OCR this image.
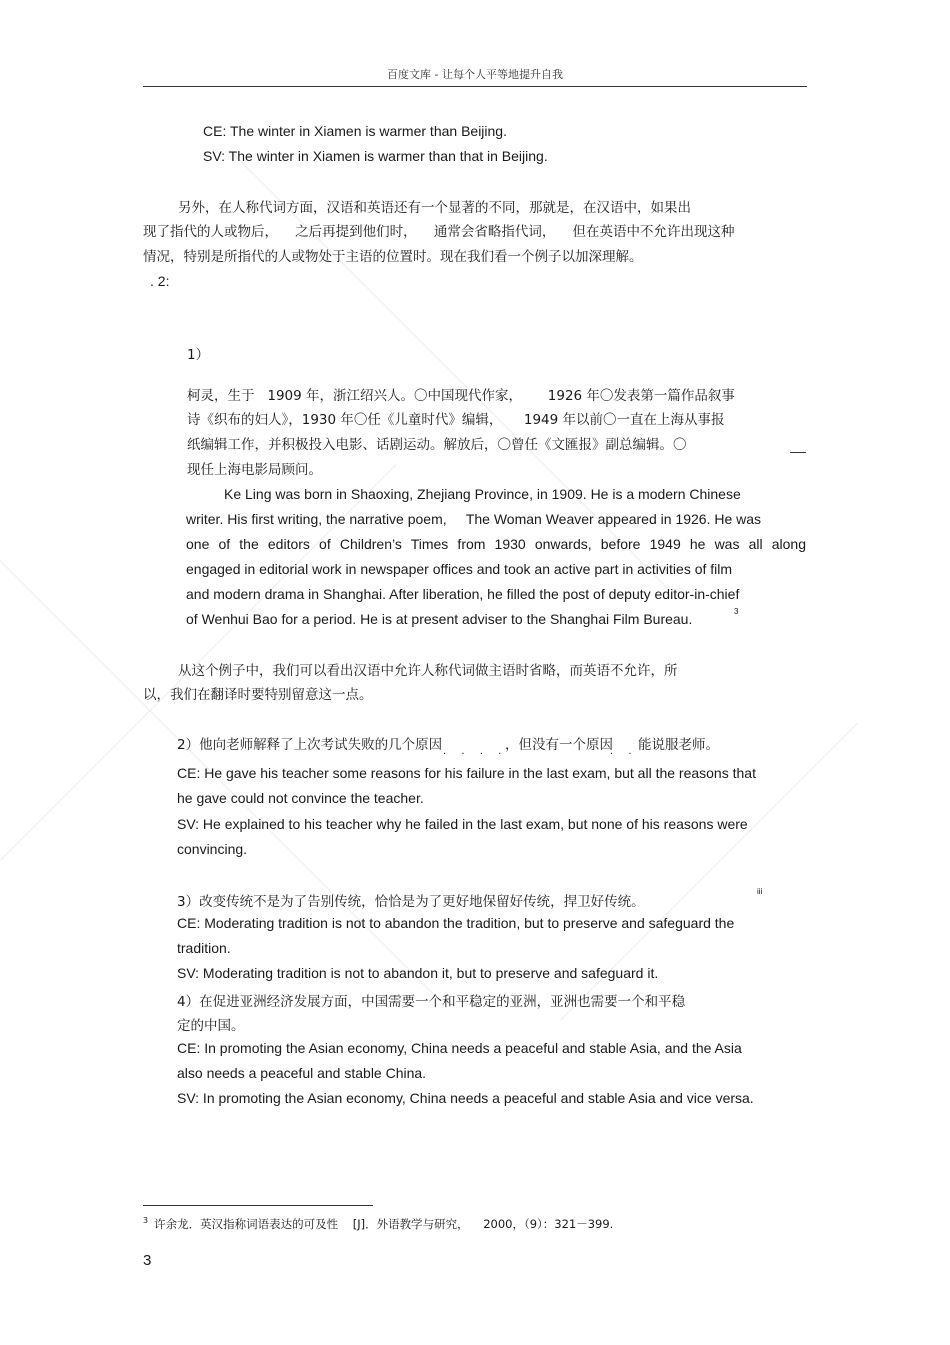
百度文库 - 让每个人平等地提升自我
CE: The winter in Xiamen is warmer than Beijing.
SV: The winter in Xiamen is warmer than that in Beijing.
另外，在人称代词方面，汉语和英语还有一个显著的不同，那就是，在汉语中，如果出
现了指代的人或物后，    之后再提到他们时，    通常会省略指代词，    但在英语中不允许出现这种
情况，特别是所指代的人或物处于主语的位置时。现在我们看一个例子以加深理解。
. 2:
1）
柯灵，生于   1909 年，浙江绍兴人。〇中国现代作家，      1926 年〇发表第一篇作品叙事
诗《织布的妇人》，1930 年〇任《儿童时代》编辑，     1949 年以前〇一直在上海从事报
纸编辑工作，并积极投入电影、话剧运动。解放后，〇曾任《文匯报》副总编辑。〇
现任上海电影局顾问。
Ke Ling was born in Shaoxing, Zhejiang Province, in 1909. He is a modern Chinese
writer. His first writing, the narrative poem,     The Woman Weaver appeared in 1926. He was
one of the editors of Children’s Times from 1930 onwards, before 1949 he was all along
engaged in editorial work in newspaper offices and took an active part in activities of film
and modern drama in Shanghai. After liberation, he filled the post of deputy editor-in-chief
of Wenhui Bao for a period. He is at present adviser to the Shanghai Film Bureau.	3
从这个例子中，我们可以看出汉语中允许人称代词做主语时省略，而英语不允许，所
以，我们在翻译时要特别留意这一点。
2）他向老师解释了上次考试失败的几个原因 . . . .
，但没有一个原因
. . 能说服老师。
CE: He gave his teacher some reasons for his failure in the last exam, but all the reasons that
he gave could not convince the teacher.
SV: He explained to his teacher why he failed in the last exam, but none of his reasons were
convincing.
3）改变传统不是为了告别传统，恰恰是为了更好地保留好传统，捍卫好传统。
iii
CE: Moderating tradition is not to abandon the tradition, but to preserve and safeguard the
tradition.
SV: Moderating tradition is not to abandon it, but to preserve and safeguard it.
4）在促进亚洲经济发展方面，中国需要一个和平稳定的亚洲，亚洲也需要一个和平稳
定的中国。
CE: In promoting the Asian economy, China needs a peaceful and stable Asia, and the Asia
also needs a peaceful and stable China.
SV: In promoting the Asian economy, China needs a peaceful and stable Asia and vice versa.
$^3$ 许余龙．英汉指称词语表达的可及性    [J]．外语教学与研究，    2000，（9）：321－399.
3
